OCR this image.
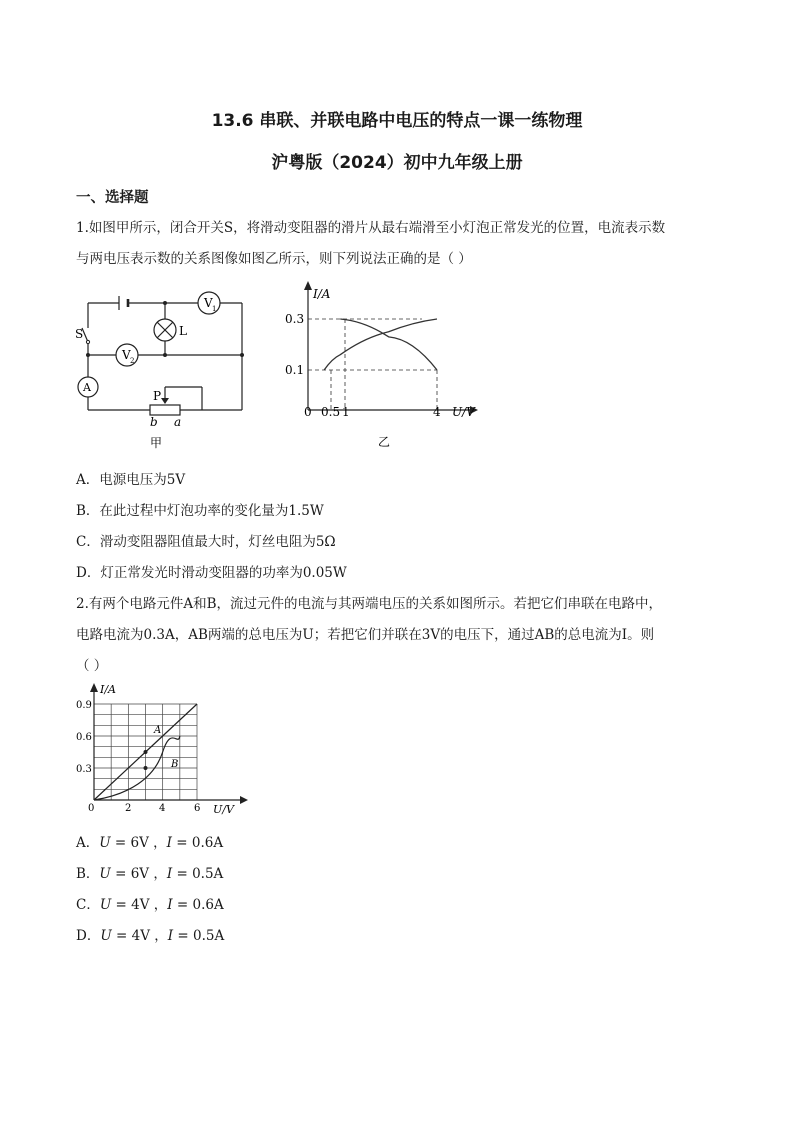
13.6 串联、并联电路中电压的特点一课一练物理
沪粤版（2024）初中九年级上册
一、选择题
1.如图甲所示，闭合开关S，将滑动变阻器的滑片从最右端滑至小灯泡正常发光的位置，电流表示数
与两电压表示数的关系图像如图乙所示，则下列说法正确的是（ ）
V 1
V 2
L
S
A
P
b a
甲
I/A
U/V
0.3
0.1
0 0.5 1	4
乙
A．电源电压为5V
B．在此过程中灯泡功率的变化量为1.5W
C．滑动变阻器阻值最大时，灯丝电阻为5Ω
D．灯正常发光时滑动变阻器的功率为0.05W
2.有两个电路元件A和B，流过元件的电流与其两端电压的关系如图所示。若把它们串联在电路中，
电路电流为0.3A，AB两端的总电压为U；若把它们并联在3V的电压下，通过AB的总电流为I。则
（ ）
I/A
U/V
0.9
0.6
0.3
0	2	4	6
A
B
A．U = 6V ，I = 0.6A
B．U = 6V ，I = 0.5A
C．U = 4V ，I = 0.6A
D．U = 4V ，I = 0.5A
